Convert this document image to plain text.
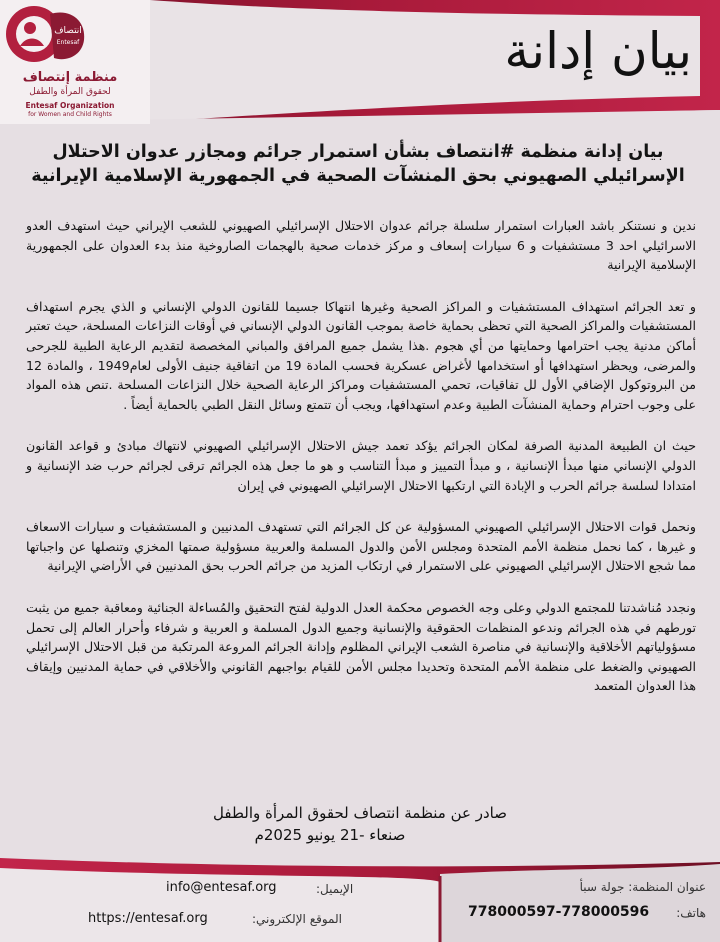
انتصاف
Entesaf
منظمة إنتصاف
لحقوق المرأة والطفل
Entesaf Organization
for Women and Child Rights
بيان إدانة
بيان إدانة منظمة #انتصاف بشأن استمرار جرائم ومجازر عدوان الاحتلال الإسرائيلي الصهيوني بحق المنشآت الصحية في الجمهورية الإسلامية الإيرانية
ندين و نستنكر باشد العبارات استمرار سلسلة جرائم عدوان الاحتلال الإسرائيلي الصهيوني للشعب الإيراني حيث استهدف العدو الاسرائيلي احد 3 مستشفيات و 6 سيارات إسعاف و مركز خدمات صحية بالهجمات الصاروخية منذ بدء العدوان على الجمهورية الإسلامية الإيرانية
و تعد الجرائم استهداف المستشفيات و المراكز الصحية وغيرها انتهاكا جسيما للقانون الدولي الإنساني و الذي يجرم استهداف المستشفيات والمراكز الصحية التي تحظى بحماية خاصة بموجب القانون الدولي الإنساني في أوقات النزاعات المسلحة، حيث تعتبر أماكن مدنية يجب احترامها وحمايتها من أي هجوم .هذا يشمل جميع المرافق والمباني المخصصة لتقديم الرعاية الطبية للجرحى والمرضى، ويحظر استهدافها أو استخدامها لأغراض عسكرية فحسب المادة 19 من اتفاقية جنيف الأولى لعام1949 ، والمادة 12 من البروتوكول الإضافي الأول لل تفاقيات، تحمي المستشفيات ومراكز الرعاية الصحية خلال النزاعات المسلحة .تنص هذه المواد على وجوب احترام وحماية المنشآت الطبية وعدم استهدافها، ويجب أن تتمتع وسائل النقل الطبي بالحماية أيضاً .
حيث ان الطبيعة المدنية الصرفة لمكان الجرائم يؤكد تعمد جيش الاحتلال الإسرائيلي الصهيوني لانتهاك مبادئ و قواعد القانون الدولي الإنساني منها مبدأ الإنسانية ، و مبدأ التمييز و مبدأ التناسب و هو ما جعل هذه الجرائم ترقى لجرائم حرب ضد الإنسانية و امتدادا لسلسة جرائم الحرب و الإبادة التي ارتكبها الاحتلال الإسرائيلي الصهيوني في إيران
ونحمل قوات الاحتلال الإسرائيلي الصهيوني المسؤولية عن كل الجرائم التي تستهدف المدنيين و المستشفيات و سيارات الاسعاف و غيرها ، كما نحمل منظمة الأمم المتحدة ومجلس الأمن والدول المسلمة والعربية مسؤولية صمتها المخزي وتنصلها عن واجباتها مما شجع الاحتلال الإسرائيلي الصهيوني على الاستمرار في ارتكاب المزيد من جرائم الحرب بحق المدنيين في الأراضي الإيرانية
ونجدد مُناشدتنا للمجتمع الدولي وعلى وجه الخصوص محكمة العدل الدولية لفتح التحقيق والمُساءلة الجنائية ومعاقبة جميع من يثبت تورطهم في هذه الجرائم وندعو المنظمات الحقوقية والإنسانية وجميع الدول المسلمة و العربية و شرفاء وأحرار العالم إلى تحمل مسؤولياتهم الأخلاقية والإنسانية في مناصرة الشعب الإيراني المظلوم وإدانة الجرائم المروعة المرتكبة من قبل الاحتلال الإسرائيلي الصهيوني والضغط على منظمة الأمم المتحدة وتحديدا مجلس الأمن للقيام بواجبهم القانوني والأخلاقي في حماية المدنيين وإيقاف هذا العدوان المتعمد
صادر عن منظمة انتصاف لحقوق المرأة والطفل
صنعاء -21 يونيو 2025م
عنوان المنظمة: جولة سبأ
هاتف:
778000597-778000596
الإيميل:
info@entesaf.org
الموقع الإلكتروني:
https://entesaf.org
